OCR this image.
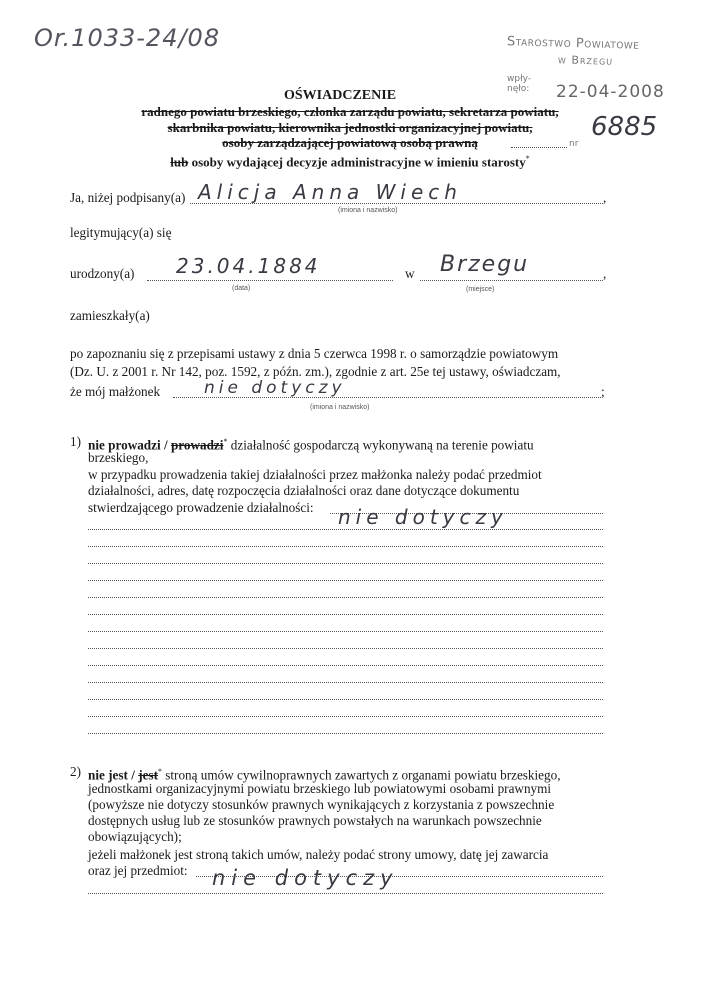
Or.1033-24/08	Starostwo Powiatowe
w Brzegu
wpły-nęło:	22-04-2008
nr
6885
OŚWIADCZENIE
radnego powiatu brzeskiego, członka zarządu powiatu, sekretarza powiatu,
skarbnika powiatu, kierownika jednostki organizacyjnej powiatu,
osoby zarządzającej powiatową osobą prawną
lub osoby wydającej decyzje administracyjne w imieniu starosty*
Ja, niżej podpisany(a)	,
Alicja Anna Wiech
(imiona i nazwisko)
legitymujący(a) się
urodzony(a) 23.04.1884
(data)
w	,
Brzegu
(miejsce)
zamieszkały(a)
po zapoznaniu się z przepisami ustawy z dnia 5 czerwca 1998 r. o samorządzie powiatowym
(Dz. U. z 2001 r. Nr 142, poz. 1592, z późn. zm.), zgodnie z art. 25e tej ustawy, oświadczam,
że mój małżonek	;
nie dotyczy
(imiona i nazwisko)
1) nie prowadzi / prowadzi* działalność gospodarczą wykonywaną na terenie powiatu
brzeskiego,
w przypadku prowadzenia takiej działalności przez małżonka należy podać przedmiot
działalności, adres, datę rozpoczęcia działalności oraz dane dotyczące dokumentu
stwierdzającego prowadzenie działalności: nie dotyczy
2) nie jest / jest* stroną umów cywilnoprawnych zawartych z organami powiatu brzeskiego,
jednostkami organizacyjnymi powiatu brzeskiego lub powiatowymi osobami prawnymi
(powyższe nie dotyczy stosunków prawnych wynikających z korzystania z powszechnie
dostępnych usług lub ze stosunków prawnych powstałych na warunkach powszechnie
obowiązujących);
jeżeli małżonek jest stroną takich umów, należy podać strony umowy, datę jej zawarcia
oraz jej przedmiot: nie dotyczy
